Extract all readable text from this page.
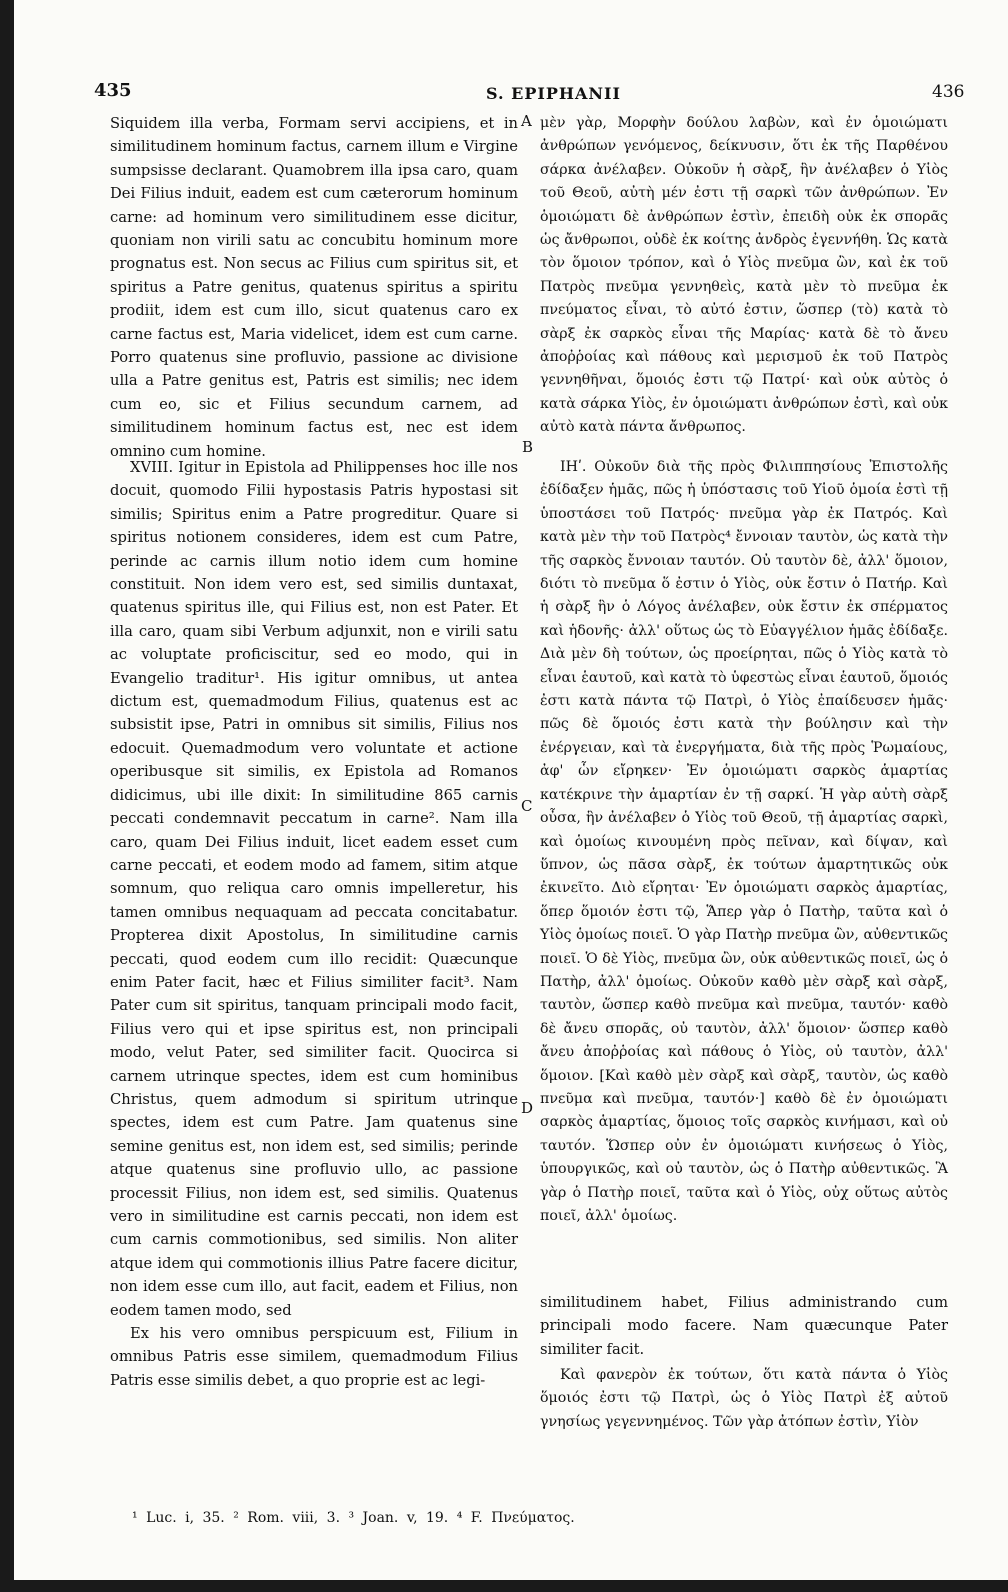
435	S. EPIPHANII	436
A
B
C
D

Siquidem illa verba, Formam servi accipiens, et in similitudinem hominum factus, carnem illum e Virgine sumpsisse declarant. Quamobrem illa ipsa caro, quam Dei Filius induit, eadem est cum cæterorum hominum carne: ad hominum vero similitudinem esse dicitur, quoniam non virili satu ac concubitu hominum more prognatus est. Non secus ac Filius cum spiritus sit, et spiritus a Patre genitus, quatenus spiritus a spiritu prodiit, idem est cum illo, sicut quatenus caro ex carne factus est, Maria videlicet, idem est cum carne. Porro quatenus sine profluvio, passione ac divisione ulla a Patre genitus est, Patris est similis; nec idem cum eo, sic et Filius secundum carnem, ad similitudinem hominum factus est, nec est idem omnino cum homine.

μὲν γὰρ, Μορφὴν δούλου λαβὼν, καὶ ἐν ὁμοιώματι ἀνθρώπων γενόμενος, δείκνυσιν, ὅτι ἐκ τῆς Παρθένου σάρκα ἀνέλαβεν. Οὐκοῦν ἡ σὰρξ, ἣν ἀνέλαβεν ὁ Υἱὸς τοῦ Θεοῦ, αὐτὴ μέν ἐστι τῇ σαρκὶ τῶν ἀνθρώπων. Ἐν ὁμοιώματι δὲ ἀνθρώπων ἐστὶν, ἐπειδὴ οὐκ ἐκ σπορᾶς ὡς ἄνθρωποι, οὐδὲ ἐκ κοίτης ἀνδρὸς ἐγεννήθη. Ὡς κατὰ τὸν ὅμοιον τρόπον, καὶ ὁ Υἱὸς πνεῦμα ὢν, καὶ ἐκ τοῦ Πατρὸς πνεῦμα γεννηθεὶς, κατὰ μὲν τὸ πνεῦμα ἐκ πνεύματος εἶναι, τὸ αὐτό ἐστιν, ὥσπερ (τὸ) κατὰ τὸ σὰρξ ἐκ σαρκὸς εἶναι τῆς Μαρίας· κατὰ δὲ τὸ ἄνευ ἀποῤῥοίας καὶ πάθους καὶ μερισμοῦ ἐκ τοῦ Πατρὸς γεννηθῆναι, ὅμοιός ἐστι τῷ Πατρί· καὶ οὐκ αὐτὸς ὁ κατὰ σάρκα Υἱὸς, ἐν ὁμοιώματι ἀνθρώπων ἐστὶ, καὶ οὐκ αὐτὸ κατὰ πάντα ἄνθρωπος.

XVIII. Igitur in Epistola ad Philippenses hoc ille nos docuit, quomodo Filii hypostasis Patris hypostasi sit similis; Spiritus enim a Patre progreditur. Quare si spiritus notionem consideres, idem est cum Patre, perinde ac carnis illum notio idem cum homine constituit. Non idem vero est, sed similis duntaxat, quatenus spiritus ille, qui Filius est, non est Pater. Et illa caro, quam sibi Verbum adjunxit, non e virili satu ac voluptate proficiscitur, sed eo modo, qui in Evangelio traditur¹. His igitur omnibus, ut antea dictum est, quemadmodum Filius, quatenus est ac subsistit ipse, Patri in omnibus sit similis, Filius nos edocuit. Quemadmodum vero voluntate et actione operibusque sit similis, ex Epistola ad Romanos didicimus, ubi ille dixit: In similitudine 865 carnis peccati condemnavit peccatum in carne². Nam illa caro, quam Dei Filius induit, licet eadem esset cum carne peccati, et eodem modo ad famem, sitim atque somnum, quo reliqua caro omnis impelleretur, his tamen omnibus nequaquam ad peccata concitabatur. Propterea dixit Apostolus, In similitudine carnis peccati, quod eodem cum illo recidit: Quæcunque enim Pater facit, hæc et Filius similiter facit³. Nam Pater cum sit spiritus, tanquam principali modo facit, Filius vero qui et ipse spiritus est, non principali modo, velut Pater, sed similiter facit. Quocirca si carnem utrinque spectes, idem est cum hominibus Christus, quem admodum si spiritum utrinque spectes, idem est cum Patre. Jam quatenus sine semine genitus est, non idem est, sed similis; perinde atque quatenus sine profluvio ullo, ac passione processit Filius, non idem est, sed similis. Quatenus vero in similitudine est carnis peccati, non idem est cum carnis commotionibus, sed similis. Non aliter atque idem qui commotionis illius Patre facere dicitur, non idem esse cum illo, aut facit, eadem et Filius, non eodem tamen modo, sed

Ex his vero omnibus perspicuum est, Filium in omnibus Patris esse similem, quemadmodum Filius Patris esse similis debet, a quo proprie est ac legi-

ΙΗʹ. Οὐκοῦν διὰ τῆς πρὸς Φιλιππησίους Ἐπιστολῆς ἐδίδαξεν ἡμᾶς, πῶς ἡ ὑπόστασις τοῦ Υἱοῦ ὁμοία ἐστὶ τῇ ὑποστάσει τοῦ Πατρός· πνεῦμα γὰρ ἐκ Πατρός. Καὶ κατὰ μὲν τὴν τοῦ Πατρὸς⁴ ἔννοιαν ταυτὸν, ὡς κατὰ τὴν τῆς σαρκὸς ἔννοιαν ταυτόν. Οὐ ταυτὸν δὲ, ἀλλ' ὅμοιον, διότι τὸ πνεῦμα ὅ ἐστιν ὁ Υἱὸς, οὐκ ἔστιν ὁ Πατήρ. Καὶ ἡ σὰρξ ἣν ὁ Λόγος ἀνέλαβεν, οὐκ ἔστιν ἐκ σπέρματος καὶ ἡδονῆς· ἀλλ' οὕτως ὡς τὸ Εὐαγγέλιον ἡμᾶς ἐδίδαξε. Διὰ μὲν δὴ τούτων, ὡς προείρηται, πῶς ὁ Υἱὸς κατὰ τὸ εἶναι ἑαυτοῦ, καὶ κατὰ τὸ ὑφεστὼς εἶναι ἑαυτοῦ, ὅμοιός ἐστι κατὰ πάντα τῷ Πατρὶ, ὁ Υἱὸς ἐπαίδευσεν ἡμᾶς· πῶς δὲ ὅμοιός ἐστι κατὰ τὴν βούλησιν καὶ τὴν ἐνέργειαν, καὶ τὰ ἐνεργήματα, διὰ τῆς πρὸς Ῥωμαίους, ἀφ' ὧν εἴρηκεν· Ἐν ὁμοιώματι σαρκὸς ἁμαρτίας κατέκρινε τὴν ἁμαρτίαν ἐν τῇ σαρκί. Ἡ γὰρ αὐτὴ σὰρξ οὖσα, ἣν ἀνέλαβεν ὁ Υἱὸς τοῦ Θεοῦ, τῇ ἁμαρτίας σαρκὶ, καὶ ὁμοίως κινουμένη πρὸς πεῖναν, καὶ δίψαν, καὶ ὕπνον, ὡς πᾶσα σὰρξ, ἐκ τούτων ἁμαρτητικῶς οὐκ ἐκινεῖτο. Διὸ εἴρηται· Ἐν ὁμοιώματι σαρκὸς ἁμαρτίας, ὅπερ ὅμοιόν ἐστι τῷ, Ἅπερ γὰρ ὁ Πατὴρ, ταῦτα καὶ ὁ Υἱὸς ὁμοίως ποιεῖ. Ὁ γὰρ Πατὴρ πνεῦμα ὢν, αὐθεντικῶς ποιεῖ. Ὁ δὲ Υἱὸς, πνεῦμα ὢν, οὐκ αὐθεντικῶς ποιεῖ, ὡς ὁ Πατὴρ, ἀλλ' ὁμοίως. Οὐκοῦν καθὸ μὲν σὰρξ καὶ σὰρξ, ταυτὸν, ὥσπερ καθὸ πνεῦμα καὶ πνεῦμα, ταυτόν· καθὸ δὲ ἄνευ σπορᾶς, οὐ ταυτὸν, ἀλλ' ὅμοιον· ὥσπερ καθὸ ἄνευ ἀποῤῥοίας καὶ πάθους ὁ Υἱὸς, οὐ ταυτὸν, ἀλλ' ὅμοιον. [Καὶ καθὸ μὲν σὰρξ καὶ σὰρξ, ταυτὸν, ὡς καθὸ πνεῦμα καὶ πνεῦμα, ταυτόν·] καθὸ δὲ ἐν ὁμοιώματι σαρκὸς ἁμαρτίας, ὅμοιος τοῖς σαρκὸς κινήμασι, καὶ οὐ ταυτόν. Ὥσπερ οὐν ἐν ὁμοιώματι κινήσεως ὁ Υἱὸς, ὑπουργικῶς, καὶ οὐ ταυτὸν, ὡς ὁ Πατὴρ αὐθεντικῶς. Ἃ γὰρ ὁ Πατὴρ ποιεῖ, ταῦτα καὶ ὁ Υἱὸς, οὐχ οὕτως αὐτὸς ποιεῖ, ἀλλ' ὁμοίως.

similitudinem habet, Filius administrando cum principali modo facere. Nam quæcunque Pater similiter facit.

Καὶ φανερὸν ἐκ τούτων, ὅτι κατὰ πάντα ὁ Υἱὸς ὅμοιός ἐστι τῷ Πατρὶ, ὡς ὁ Υἱὸς Πατρὶ ἐξ αὐτοῦ γνησίως γεγεννημένος. Τῶν γὰρ ἀτόπων ἐστὶν, Υἱὸν

¹ Luc. i, 35. ² Rom. viii, 3. ³ Joan. v, 19. ⁴ F. Πνεύματος.
